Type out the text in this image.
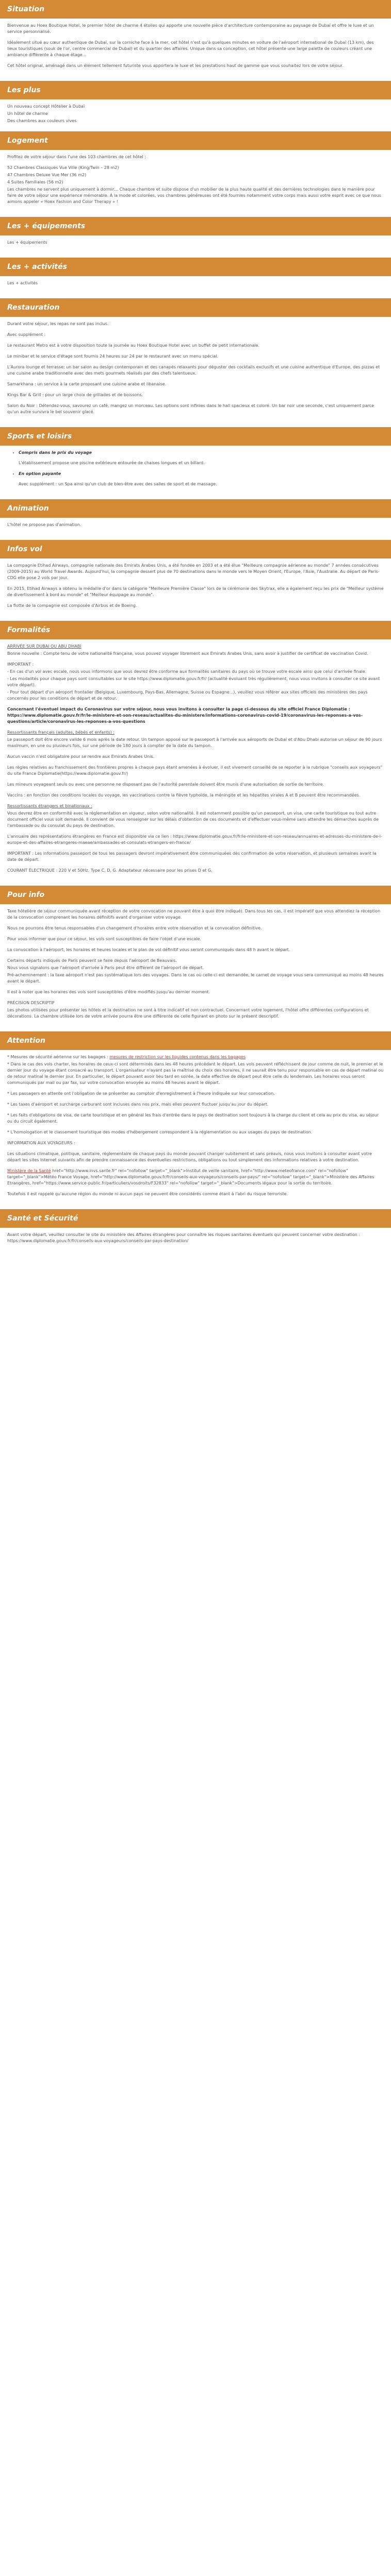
Situation

Bienvenue au Hoex Boutique Hotel, le premier hôtel de charme 4 étoiles qui apporte une nouvelle pièce d'architecture contemporaine au paysage de Dubaï et offre le luxe et un service personnalisé.

Idéalement situé au cœur authentique de Dubaï, sur la corniche face à la mer, cet hôtel n'est qu'à quelques minutes en voiture de l'aéroport international de Dubaï (13 km), des lieux touristiques (souk de l'or, centre commercial de Dubaï) et du quartier des affaires. Unique dans sa conception, cet hôtel présente une large palette de couleurs créant une ambiance différente à chaque étage...

Cet hôtel original, aménagé dans un élément tellement futuriste vous apportera le luxe et les prestations haut de gamme que vous souhaitez lors de votre séjour.

Les plus

Un nouveau concept Hôtelier à Dubaï

Un hôtel de charme

Des chambres aux couleurs vives

Logement

Profitez de votre séjour dans l'une des 103 chambres de cet hôtel :

52 Chambres Classiques Vue Ville (King/Twin – 28 m2)

47 Chambres Deluxe Vue Mer (36 m2)

4 Suites Familiales (56 m2)

Les chambres ne servent plus uniquement à dormir… Chaque chambre et suite dispose d'un mobilier de la plus haute qualité et des dernières technologies dans le manière pour faire de votre séjour une expérience mémorable. À la mode et colorées, vos chambres généreuses ont été fournies notamment votre corps mais aussi votre esprit avec ce que nous aimons appeler « Hoex Fashion and Color Therapy » !

Les + équipements

Les + équipements

Les + activités

Les + activités

Restauration

Durant votre séjour, les repas ne sont pas inclus.

Avec supplément :

Le restaurant Metro est à votre disposition toute la journée au Hoex Boutique Hotel avec un buffet de petit internationale.

Le minibar et le service d'étage sont fournis 24 heures sur 24 par le restaurant avec un menu spécial.

L'Aurora lounge et terrasse: un bar salon au design contemporain et des canapés relaxants pour déguster des cocktails exclusifs et une cuisine authentique d'Europe, des pizzas et une cuisine arabe traditionnelle avec des mets gourmets réalisés par des chefs talentueux.

Samarkhana : un service à la carte proposant une cuisine arabe et libanaise.

Kings Bar & Grill : pour un large choix de grillades et de boissons.

Salon du Noir : Détendez-vous, savourez un café, mangez un morceau. Les options sont infinies dans le hall spacieux et coloré. Un bar noir une seconde, c'est uniquement parce qu'un autre survivra le bel souvenir glacé.

Sports et loisirs
• Compris dans le prix du voyage

L'établissement propose une piscine extérieure entourée de chaises longues et un billard.

• En option payante

Avec supplément : un Spa ainsi qu'un club de bien-être avec des salles de sport et de massage.

Animation

L'hôtel ne propose pas d'animation.

Infos vol

La compagnie Etihad Airways, compagnie nationale des Emirats Arabes Unis, a été fondée en 2003 et a été élue "Meilleure compagnie aérienne au monde" 7 années consécutives (2009-2015) au World Travel Awards. Aujourd'hui, la compagnie dessert plus de 70 destinations dans le monde vers le Moyen Orient, l'Europe, l'Asie, l'Australie. Au départ de Paris-CDG elle pose 2 vols par jour.

En 2015, Etihad Airways a obtenu la médaille d'or dans la catégorie "Meilleure Première Classe" lors de la cérémonie des Skytrax, elle a également reçu les prix de "Meilleur système de divertissement à bord au monde" et "Meilleur équipage au monde".

La flotte de la compagnie est composée d'Airbus et de Boeing.

Formalités

ARRIVÉE SUR DUBAI OU ABU DHABI

Bonne nouvelle : Compte tenu de votre nationalité française, vous pouvez voyager librement aux Emirats Arabes Unis, sans avoir à justifier de certificat de vaccination Covid.

IMPORTANT :

- En cas d'un vol avec escale, nous vous informons que vous devrez être conforme aux formalités sanitaires du pays où se trouve votre escale ainsi que celui d'arrivée finale.

- Les modalités pour chaque pays sont consultables sur le site https://www.diplomatie.gouv.fr/fr/ (actualité évoluant très régulièrement, nous vous invitons à consulter ce site avant votre départ).

- Pour tout départ d'un aéroport frontalier (Belgique, Luxembourg, Pays-Bas, Allemagne, Suisse ou Espagne...), veuillez vous référer aux sites officiels des ministères des pays concernés pour les conditions de départ et de retour.

Concernant l'éventuel impact du Coronavirus sur votre séjour, nous vous invitons à consulter la page ci-dessous du site officiel France Diplomatie : https://www.diplomatie.gouv.fr/fr/le-ministere-et-son-reseau/actualites-du-ministere/informations-coronavirus-covid-19/coronavirus-les-reponses-a-vos-questions/article/coronavirus-les-reponses-a-vos-questions

Ressortissants français (adultes, bébés et enfants) :

Le passeport doit être encore valide 6 mois après la date retour. Un tampon apposé sur le passeport à l'arrivée aux aéroports de Dubaï et d'Abu Dhabi autorise un séjour de 90 jours maximum, en une ou plusieurs fois, sur une période de 180 jours à compter de la date du tampon.

Aucun vaccin n'est obligatoire pour se rendre aux Emirats Arabes Unis.

Les règles relatives au franchissement des frontières propres à chaque pays étant amenées à évoluer, il est vivement conseillé de se reporter à la rubrique "conseils aux voyageurs" du site France Diplomatie(https://www.diplomatie.gouv.fr/)

Les mineurs voyageant seuls ou avec une personne ne disposant pas de l'autorité parentale doivent être munis d'une autorisation de sortie de territoire.

Vaccins : en fonction des conditions locales du voyage, les vaccinations contre la fièvre typhoïde, la méningite et les hépatites virales A et B peuvent être recommandées.

Ressortissants étrangers et binationaux :

Vous devrez être en conformité avec la réglementation en vigueur, selon votre nationalité. Il est notamment possible qu'un passeport, un visa, une carte touristique ou tout autre document officiel vous soit demandé. Il convient de vous renseigner sur les délais d'obtention de ces documents et d'effectuer vous-même sans attendre les démarches auprès de l'ambassade ou du consulat du pays de destination.

L'annuaire des représentations étrangères en France est disponible via ce lien : https://www.diplomatie.gouv.fr/fr/le-ministere-et-son-reseau/annuaires-et-adresses-du-ministere-de-l-europe-et-des-affaires-etrangeres-maeae/ambassades-et-consulats-etrangers-en-france/

IMPORTANT : Les informations passeport de tous les passagers devront impérativement être communiquées dès confirmation de votre réservation, et plusieurs semaines avant la date de départ.

COURANT ÉLECTRIQUE : 220 V et 50Hz. Type C, D, G. Adaptateur nécessaire pour les prises D et G.

Pour info

Taxe hôtelière de séjour communiquée avant réception de votre convocation ne pouvant être à quoi être indiqué). Dans tous les cas, il est impératif que vous attendiez la réception de la convocation comprenant les horaires définitifs avant d'organiser votre voyage.

Nous ne pourrons être tenus responsables d'un changement d'horaires entre votre réservation et la convocation définitive.

Pour vous informer que pour ce séjour, les vols sont susceptibles de faire l'objet d'une escale.

La convocation à l'aéroport, les horaires et heures locales et le plan de vol définitif vous seront communiqués dans 48 h avant le départ.

Certains départs indiqués de Paris peuvent se faire depuis l'aéroport de Beauvais.

Nous vous signalons que l'aéroport d'arrivée à Paris peut être différent de l'aéroport de départ.

Pré-acheminement : la taxe aéroport n'est pas systématique lors des voyages. Dans le cas où celle-ci est demandée, le carnet de voyage vous sera communiqué au moins 48 heures avant le départ.

Il est à noter que les horaires des vols sont susceptibles d'être modifiés jusqu'au dernier moment.

PRÉCISION DESCRIPTIF

Les photos utilisées pour présenter les hôtels et la destination ne sont à titre indicatif et non contractuel. Concernant votre logement, l'hôtel offre différentes configurations et décorations. La chambre utilisée lors de votre arrivée pourra être une différente de celle figurant en photo sur le présent descriptif.

Attention

* Mesures de sécurité aérienne sur les bagages : mesures de restriction sur les liquides contenus dans les bagages

* Dans le cas des vols charter, les horaires de ceux-ci sont déterminés dans les 48 heures précédant le départ. Les vols peuvent réfléchissent de jour comme de nuit, le premier et le dernier jour du voyage étant consacré au transport. L'organisateur n'ayant pas la maîtrise du choix des horaires, il ne saurait être tenu pour responsable en cas de départ matinal ou de retour matinal le dernier jour. En particulier, le départ pouvant avoir lieu tard en soirée, la date effective de départ peut être celle du lendemain. Les horaires vous seront communiqués par mail ou par fax, sur votre convocation envoyée au moins 48 heures avant le départ.

* Les passagers en attente ont l'obligation de se présenter au comptoir d'enregistrement à l'heure indiquée sur leur convocation.

* Les taxes d'aéroport et surcharge carburant sont incluses dans nos prix, mais elles peuvent fluctuer jusqu'au jour du départ.

* Les faits d'obligations de visa, de carte touristique et en général les frais d'entrée dans le pays de destination sont toujours à la charge du client et cela au prix du visa, au séjour ou du circuit également.

* L'homologation et le classement touristique des modes d'hébergement correspondent à la réglementation ou aux usages du pays de destination.

INFORMATION AUX VOYAGEURS :

Les situations climatique, politique, sanitaire, réglementaire de chaque pays du monde pouvant changer subitement et sans préavis, nous vous invitons à consulter avant votre départ les sites Internet suivants afin de prendre connaissance des éventuelles restrictions, obligations ou tout simplement des informations relatives à votre destination.

Ministère de la Santé href="http://www.invs.sante.fr" rel="nofollow" target="_blank">Institut de veille sanitaire, href="http://www.meteofrance.com" rel="nofollow" target="_blank">Météo France Voyage, href="http://www.diplomatie.gouv.fr/fr/conseils-aux-voyageurs/conseils-par-pays/" rel="nofollow" target="_blank">Ministère des Affaires Etrangères, href="https://www.service-public.fr/particuliers/vosdroits/F32833" rel="nofollow" target="_blank">Documents légaux pour la sortie du territoire.

Toutefois il est rappelé qu'aucune région du monde ni aucun pays ne peuvent être considérés comme étant à l'abri du risque terroriste.

Santé et Sécurité

Avant votre départ, veuillez consulter le site du ministère des Affaires étrangères pour connaître les risques sanitaires éventuels qui peuvent concerner votre destination : https://www.diplomatie.gouv.fr/fr/conseils-aux-voyageurs/conseils-par-pays-destination/
